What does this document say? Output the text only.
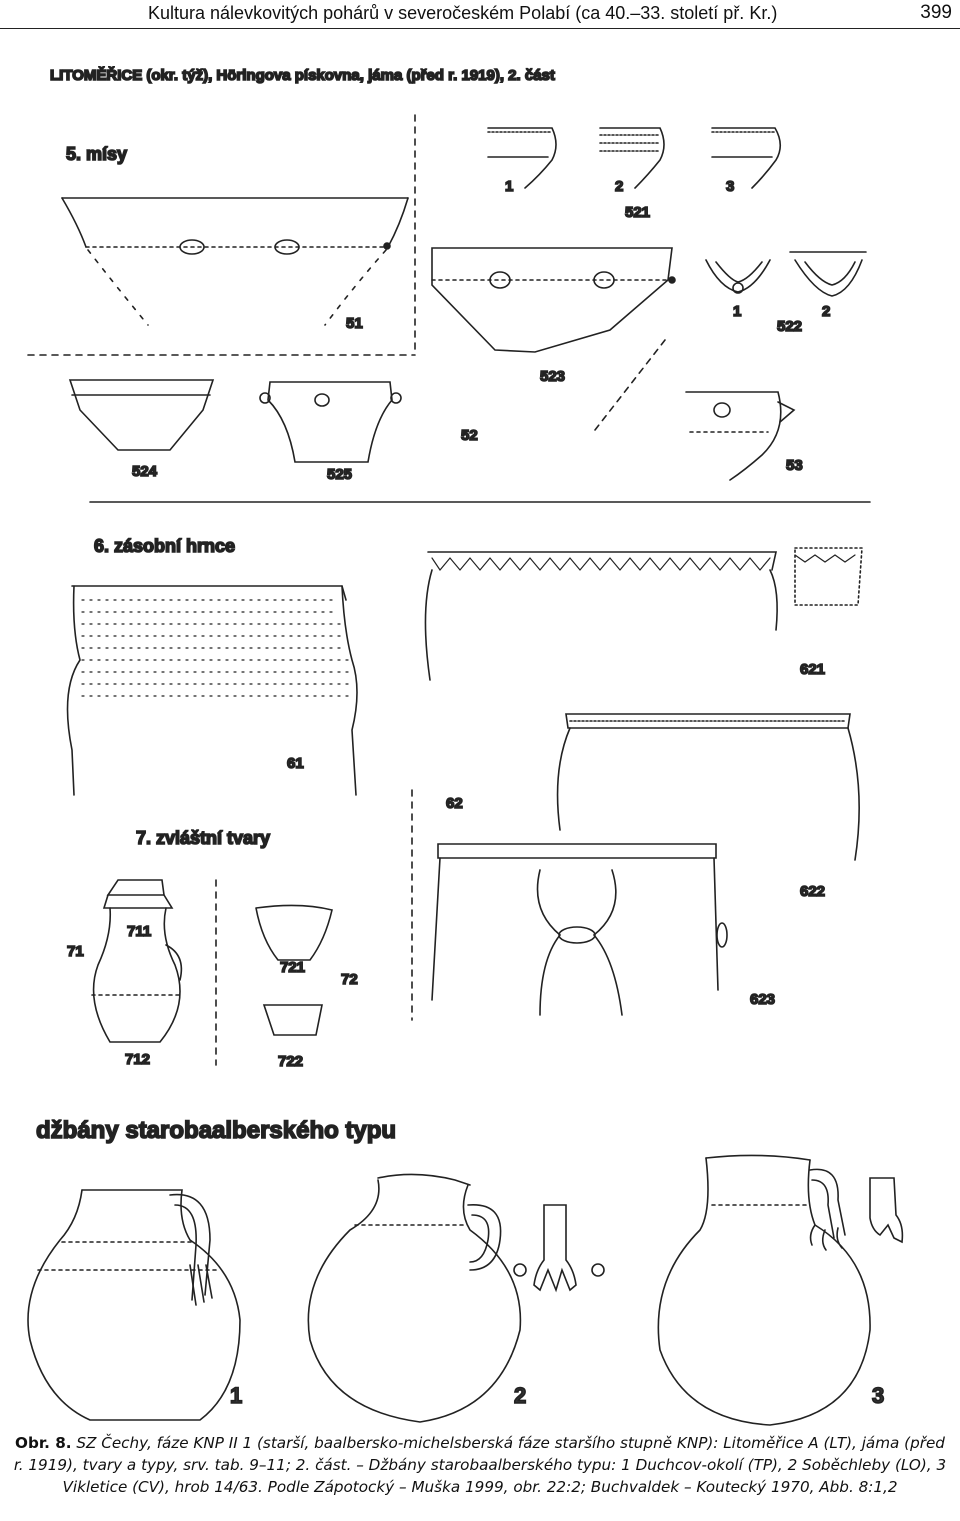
Kultura nálevkovitých pohárů v severočeském Polabí (ca 40.–33. století př. Kr.)	399
LITOMĚŘICE (okr. týž), Höringova pískovna, jáma (před r. 1919), 2. část
5. mísy
51
1	2	3
521
523
1	2
522
524	525
52
53
6. zásobní hrnce
61
621
62
622
623
7. zvláštní tvary
71
711
712
721
72
722
džbány starobaalberského typu
1	2	3
Obr. 8. SZ Čechy, fáze KNP II 1 (starší, baalbersko-michelsberská fáze staršího stupně KNP): Litoměřice A (LT), jáma (před r. 1919), tvary a typy, srv. tab. 9–11; 2. část. – Džbány starobaalberského typu: 1 Duchcov-okolí (TP), 2 Soběchleby (LO), 3 Vikletice (CV), hrob 14/63. Podle Zápotocký – Muška 1999, obr. 22:2; Buchvaldek – Koutecký 1970, Abb. 8:1,2
